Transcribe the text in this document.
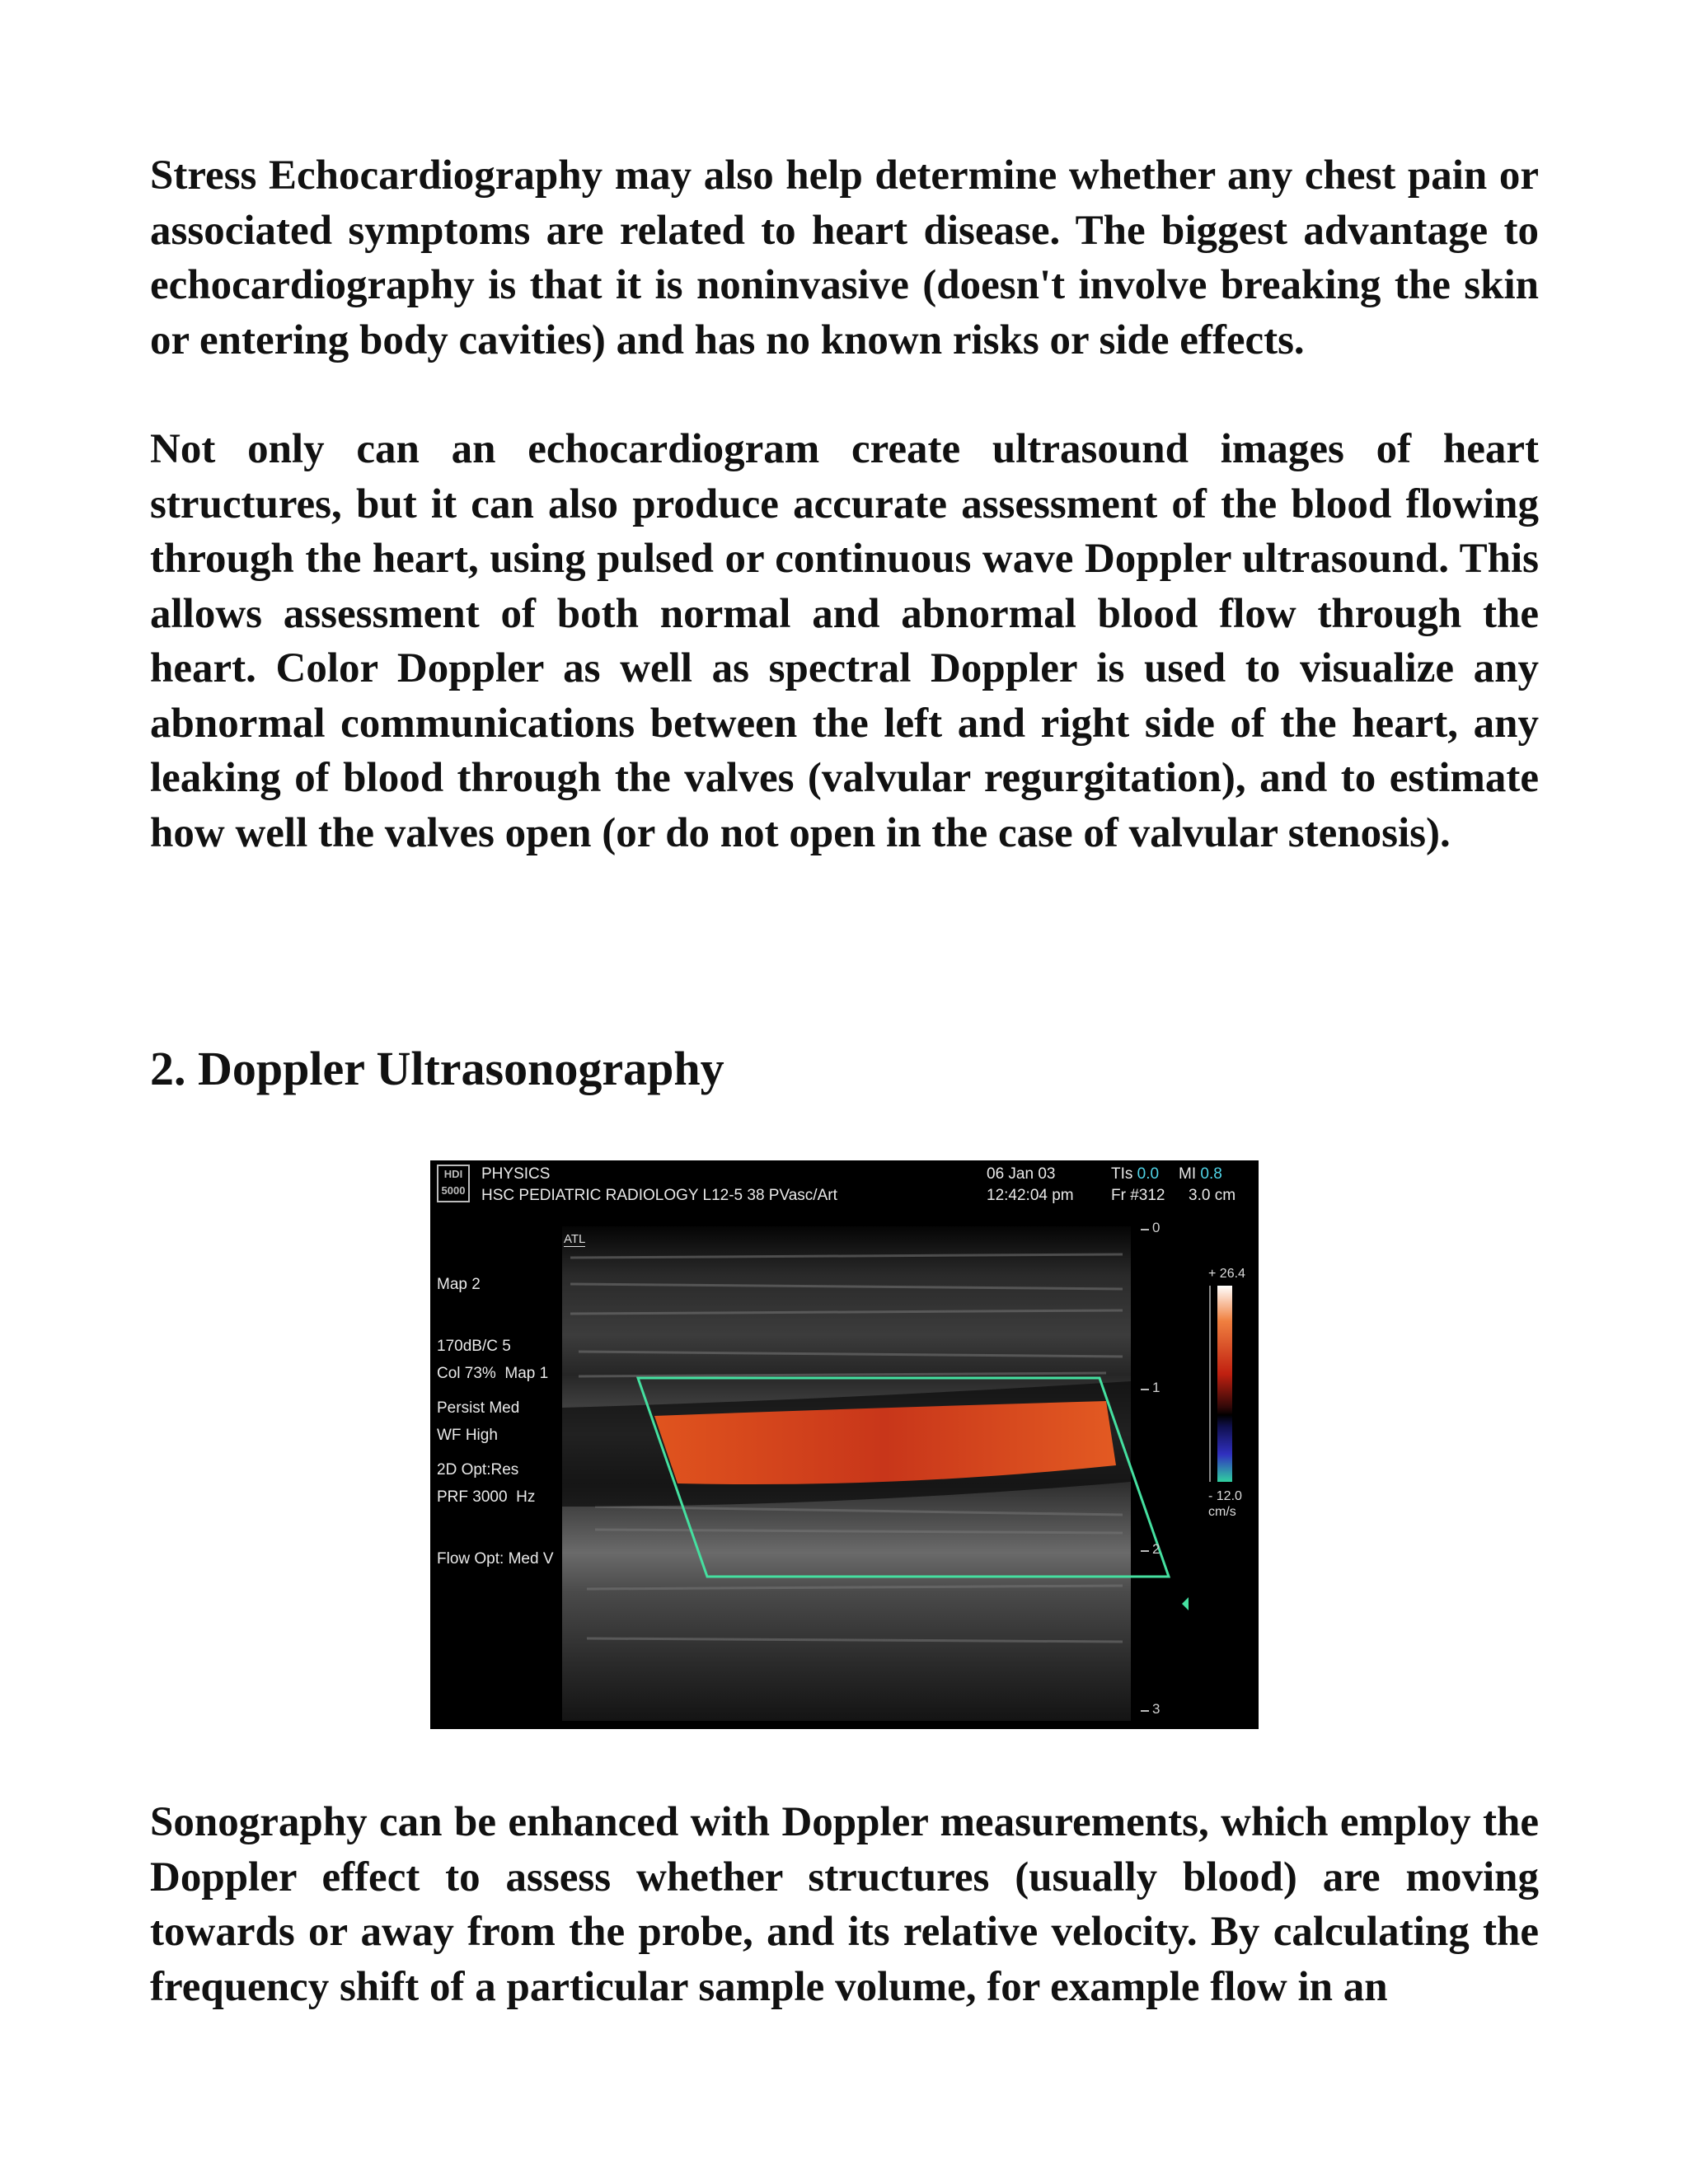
Stress Echocardiography may also help determine whether any chest pain or associated symptoms are related to heart disease. The biggest advantage to echocardiography is that it is noninvasive (doesn't involve breaking the skin or entering body cavities) and has no known risks or side effects.

Not only can an echocardiogram create ultrasound images of heart structures, but it can also produce accurate assessment of the blood flowing through the heart, using pulsed or continuous wave Doppler ultrasound. This allows assessment of both normal and abnormal blood flow through the heart. Color Doppler as well as spectral Doppler is used to visualize any abnormal communications between the left and right side of the heart, any leaking of blood through the valves (valvular regurgitation), and to estimate how well the valves open (or do not open in the case of valvular stenosis).

2. Doppler Ultrasonography
HDI 5000
PHYSICS
HSC PEDIATRIC RADIOLOGY L12-5 38 PVasc/Art
06 Jan 03
12:42:04 pm
TIs 0.0 MI 0.8
Fr #312 3.0 cm
ATL

Map 2

170dB/C 5

Persist Med

2D Opt:Res

Col 73%  Map 1

WF High

PRF 3000  Hz

Flow Opt: Med V

0
1
2
3
+ 26.4
- 12.0
cm/s

Sonography can be enhanced with Doppler measurements, which employ the Doppler effect to assess whether structures (usually blood) are moving towards or away from the probe, and its relative velocity. By calculating the frequency shift of a particular sample volume, for example flow in an
